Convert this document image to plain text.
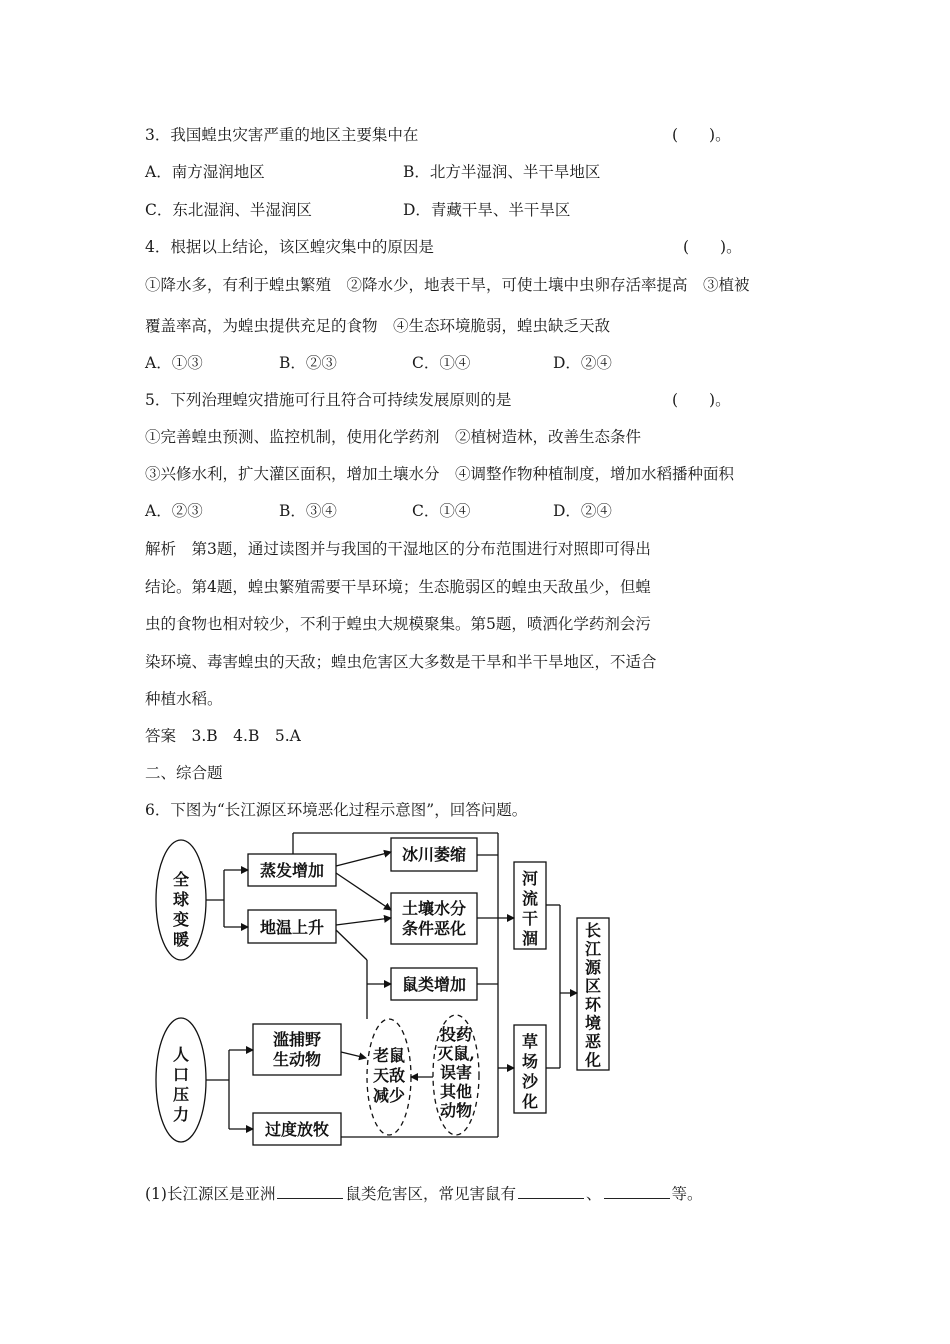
3．我国蝗虫灾害严重的地区主要集中在	(　　)。
A．南方湿润地区	B．北方半湿润、半干旱地区
C．东北湿润、半湿润区	D．青藏干旱、半干旱区
4．根据以上结论，该区蝗灾集中的原因是	(　　)。
①降水多，有利于蝗虫繁殖　②降水少，地表干旱，可使土壤中虫卵存活率提高　③植被
覆盖率高，为蝗虫提供充足的食物　④生态环境脆弱，蝗虫缺乏天敌
A．①③	B．②③	C．①④	D．②④
5．下列治理蝗灾措施可行且符合可持续发展原则的是	(　　)。
①完善蝗虫预测、监控机制，使用化学药剂　②植树造林，改善生态条件
③兴修水利，扩大灌区面积，增加土壤水分　④调整作物种植制度，增加水稻播种面积
A．②③	B．③④	C．①④	D．②④
解析　第3题，通过读图并与我国的干湿地区的分布范围进行对照即可得出
结论。第4题，蝗虫繁殖需要干旱环境；生态脆弱区的蝗虫天敌虽少，但蝗
虫的食物也相对较少，不利于蝗虫大规模聚集。第5题，喷洒化学药剂会污
染环境、毒害蝗虫的天敌；蝗虫危害区大多数是干旱和半干旱地区，不适合
种植水稻。
答案　3.B　4.B　5.A
二、综合题
6．下图为“长江源区环境恶化过程示意图”，回答问题。
全球变暖
人口压力
蒸发增加
地温上升
滥捕野生动物
过度放牧
冰川萎缩
土壤水分条件恶化
鼠类增加
老鼠天敌减少
投药灭鼠,误害其他动物
河流干涸
草场沙化
长江源区环境恶化
(1)长江源区是亚洲	鼠类危害区，常见害鼠有	、	等。
